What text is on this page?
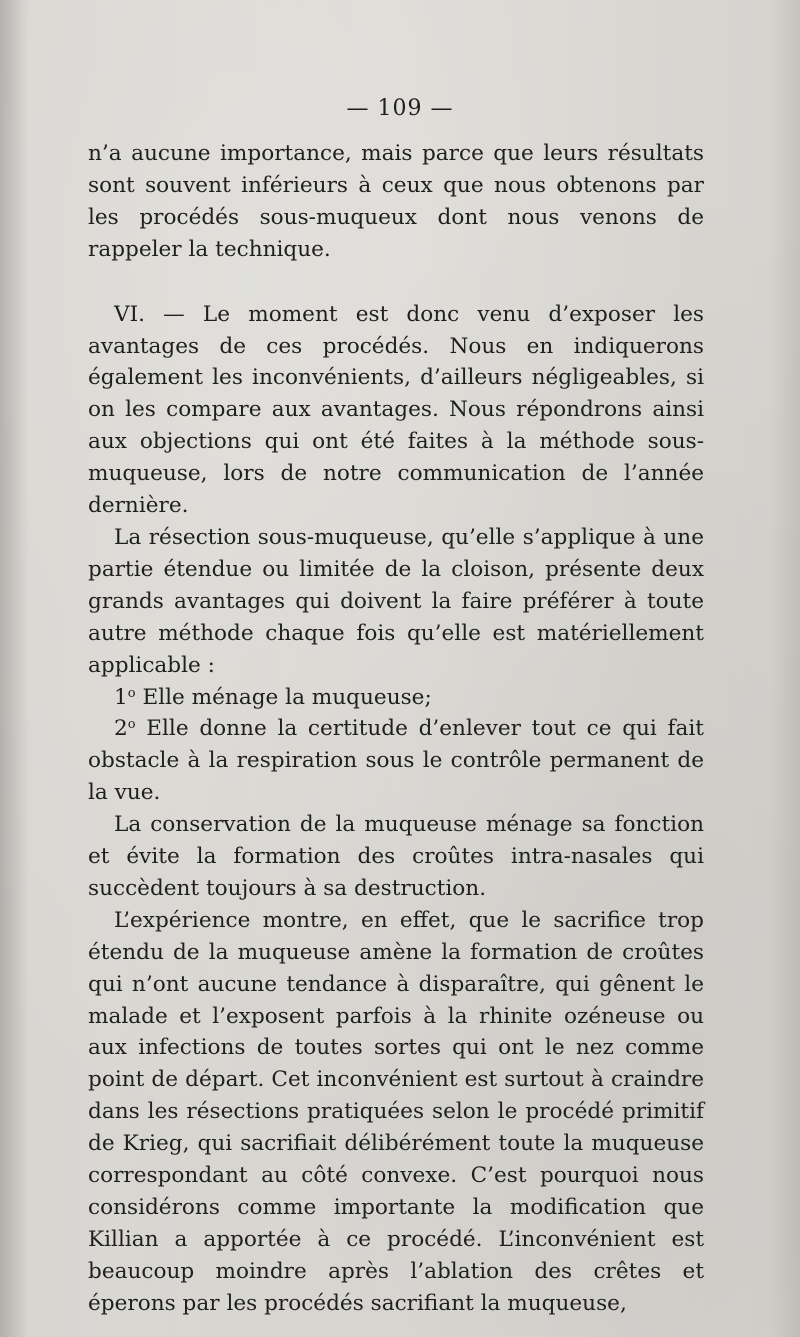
— 109 —

n’a aucune importance, mais parce que leurs résultats sont souvent inférieurs à ceux que nous obtenons par les procédés sous-muqueux dont nous venons de rappeler la technique.

VI. — Le moment est donc venu d’exposer les avantages de ces procédés. Nous en indiquerons également les inconvénients, d’ailleurs négligeables, si on les compare aux avantages. Nous répondrons ainsi aux objections qui ont été faites à la méthode sous-muqueuse, lors de notre communication de l’année dernière.

La résection sous-muqueuse, qu’elle s’applique à une partie étendue ou limitée de la cloison, présente deux grands avantages qui doivent la faire préférer à toute autre méthode chaque fois qu’elle est matériellement applicable :

1$^o$ Elle ménage la muqueuse;

2$^o$ Elle donne la certitude d’enlever tout ce qui fait obstacle à la respiration sous le contrôle permanent de la vue.

La conservation de la muqueuse ménage sa fonction et évite la formation des croûtes intra-nasales qui succèdent toujours à sa destruction.

L’expérience montre, en effet, que le sacrifice trop étendu de la muqueuse amène la formation de croûtes qui n’ont aucune tendance à disparaître, qui gênent le malade et l’exposent parfois à la rhinite ozéneuse ou aux infections de toutes sortes qui ont le nez comme point de départ. Cet inconvénient est surtout à craindre dans les résections pratiquées selon le procédé primitif de Krieg, qui sacrifiait délibérément toute la muqueuse correspondant au côté convexe. C’est pourquoi nous considérons comme importante la modification que Killian a apportée à ce procédé. L’inconvénient est beaucoup moindre après l’ablation des crêtes et éperons par les procédés sacrifiant la muqueuse,
